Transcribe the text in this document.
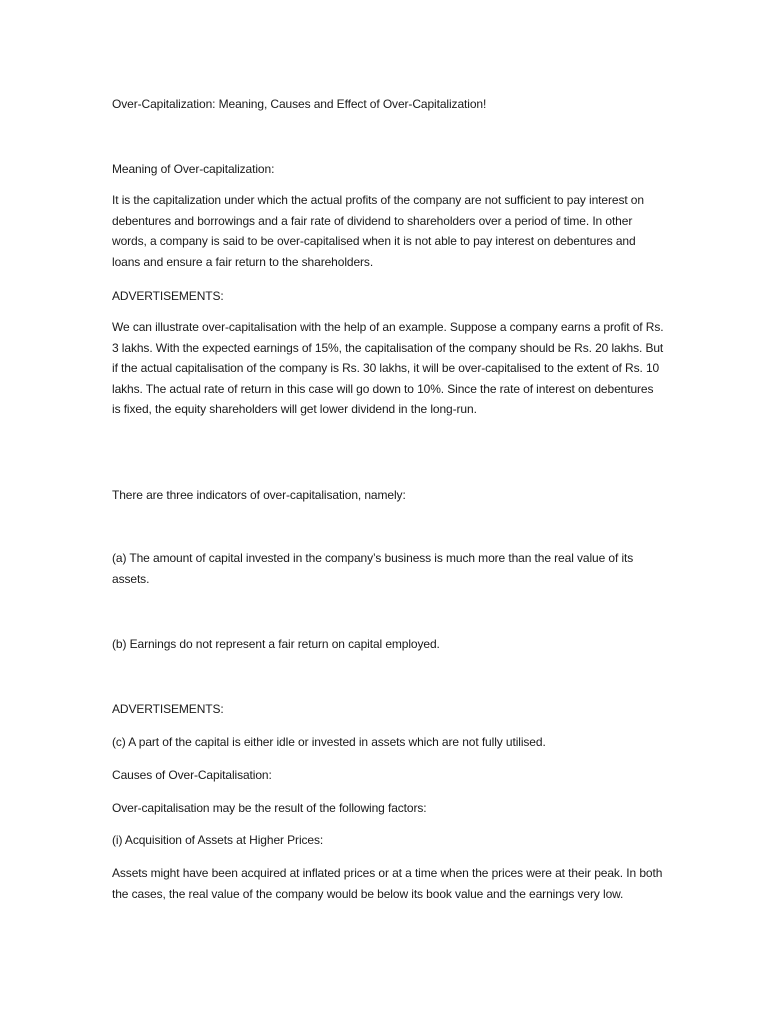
Over-Capitalization: Meaning, Causes and Effect of Over-Capitalization!

Meaning of Over-capitalization:

It is the capitalization under which the actual profits of the company are not sufficient to pay interest on debentures and borrowings and a fair rate of dividend to shareholders over a period of time. In other words, a company is said to be over-capitalised when it is not able to pay interest on debentures and loans and ensure a fair return to the shareholders.

ADVERTISEMENTS:

We can illustrate over-capitalisation with the help of an example. Suppose a company earns a profit of Rs. 3 lakhs. With the expected earnings of 15%, the capitalisation of the company should be Rs. 20 lakhs. But if the actual capitalisation of the company is Rs. 30 lakhs, it will be over-capitalised to the extent of Rs. 10 lakhs. The actual rate of return in this case will go down to 10%. Since the rate of interest on debentures is fixed, the equity shareholders will get lower dividend in the long-run.

There are three indicators of over-capitalisation, namely:

(a) The amount of capital invested in the company’s business is much more than the real value of its assets.

(b) Earnings do not represent a fair return on capital employed.

ADVERTISEMENTS:

(c) A part of the capital is either idle or invested in assets which are not fully utilised.

Causes of Over-Capitalisation:

Over-capitalisation may be the result of the following factors:

(i) Acquisition of Assets at Higher Prices:

Assets might have been acquired at inflated prices or at a time when the prices were at their peak. In both the cases, the real value of the company would be below its book value and the earnings very low.
